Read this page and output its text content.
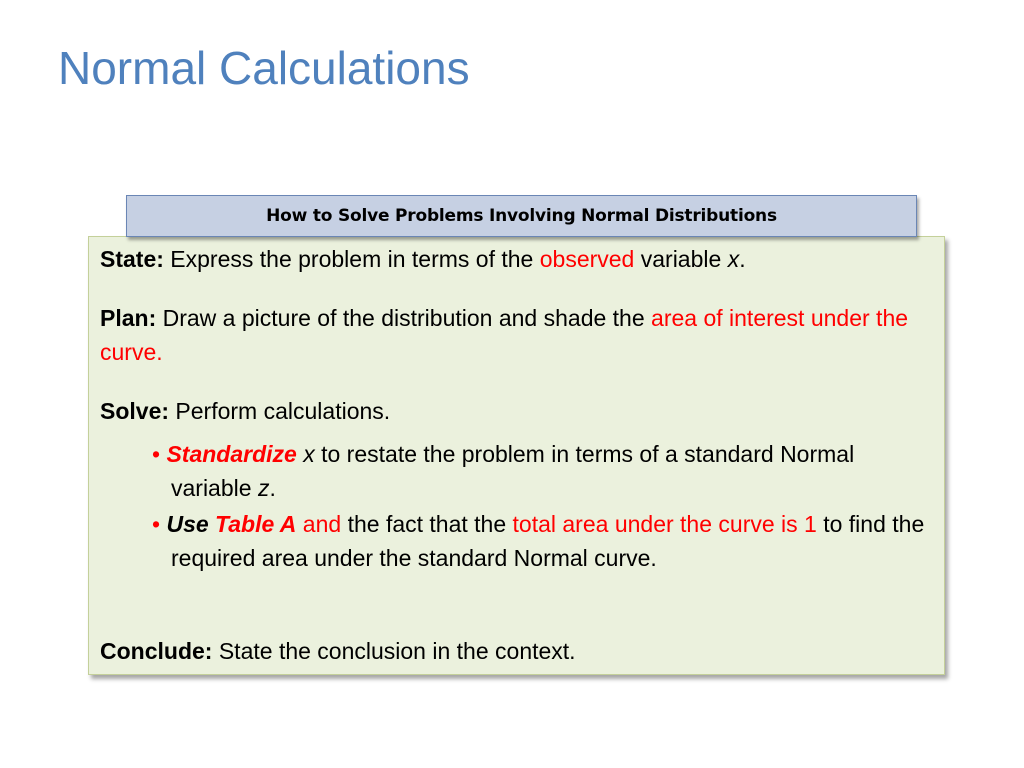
Normal Calculations
How to Solve Problems Involving Normal Distributions

State: Express the problem in terms of the observed variable x.

Plan: Draw a picture of the distribution and shade the area of interest under the curve.

Solve: Perform calculations.

• Standardize x to restate the problem in terms of a standard Normal variable z.

• Use Table A and the fact that the total area under the curve is 1 to find the required area under the standard Normal curve.

Conclude: State the conclusion in the context.
